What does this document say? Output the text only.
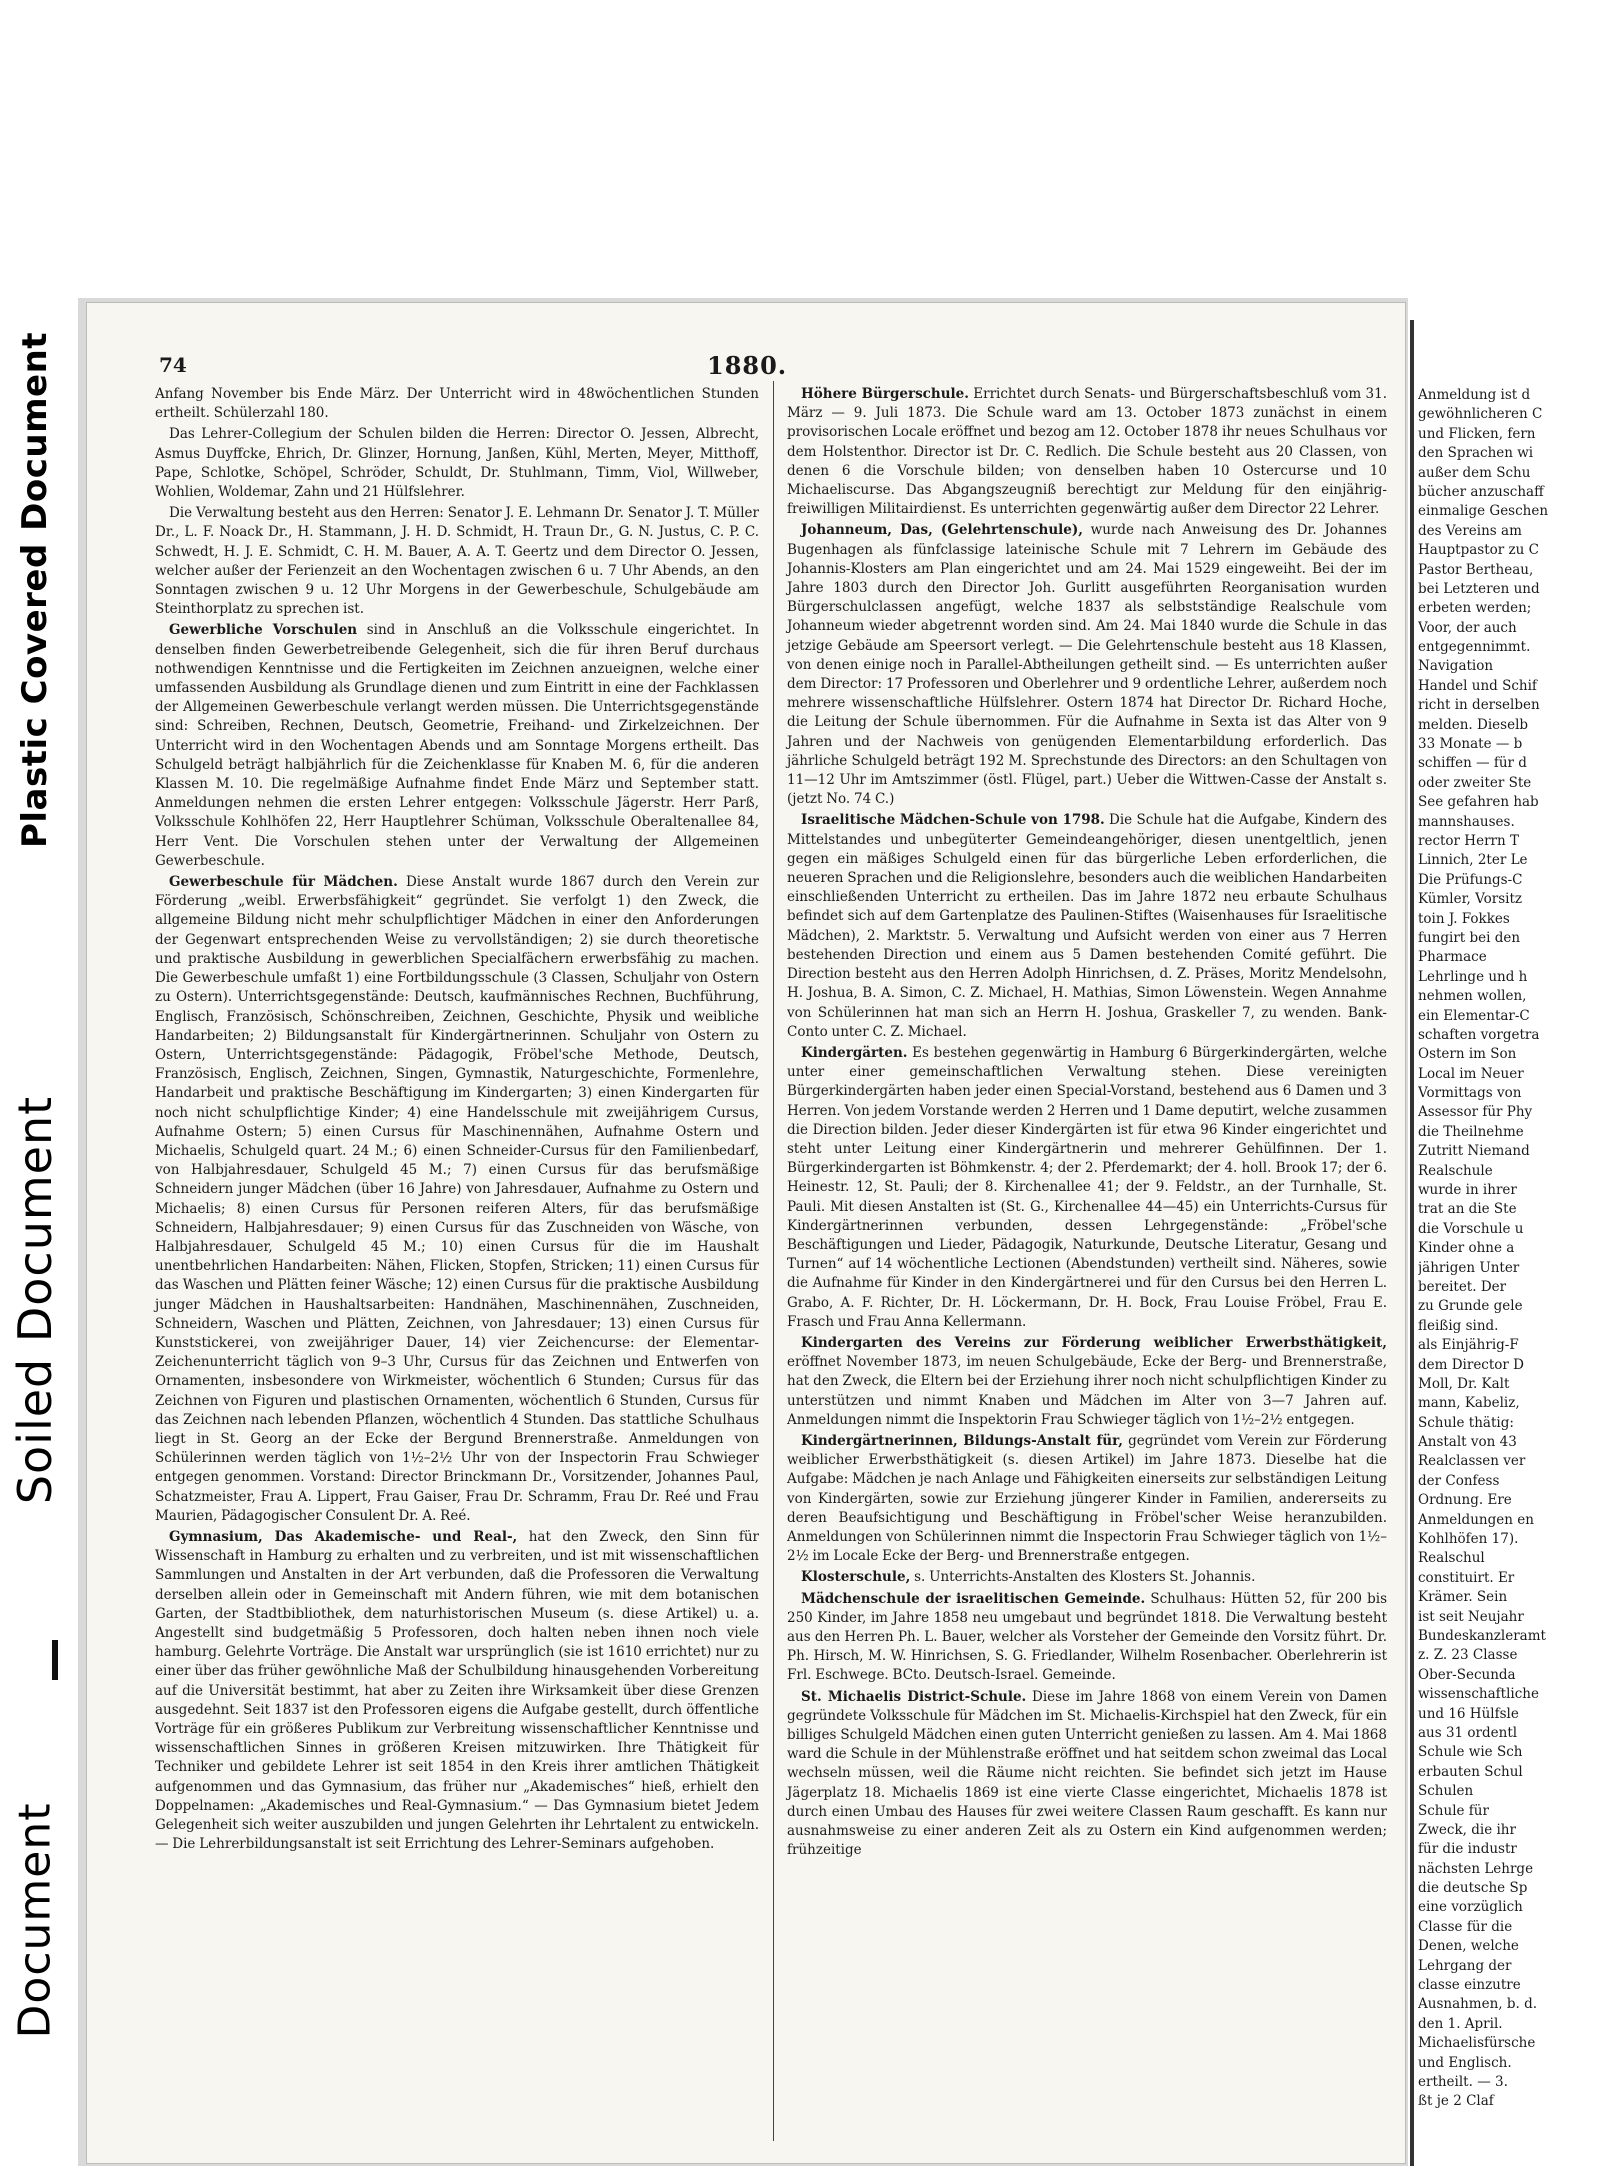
Plastic Covered Document
Soiled Document
Document
74	1880.

Anfang November bis Ende März. Der Unterricht wird in 48wöchentlichen Stunden ertheilt. Schülerzahl 180.

Das Lehrer-Collegium der Schulen bilden die Herren: Director O. Jessen, Albrecht, Asmus Duyffcke, Ehrich, Dr. Glinzer, Hornung, Janßen, Kühl, Merten, Meyer, Mitthoff, Pape, Schlotke, Schöpel, Schröder, Schuldt, Dr. Stuhlmann, Timm, Viol, Willweber, Wohlien, Woldemar, Zahn und 21 Hülfslehrer.

Die Verwaltung besteht aus den Herren: Senator J. E. Lehmann Dr. Senator J. T. Müller Dr., L. F. Noack Dr., H. Stammann, J. H. D. Schmidt, H. Traun Dr., G. N. Justus, C. P. C. Schwedt, H. J. E. Schmidt, C. H. M. Bauer, A. A. T. Geertz und dem Director O. Jessen, welcher außer der Ferienzeit an den Wochentagen zwischen 6 u. 7 Uhr Abends, an den Sonntagen zwischen 9 u. 12 Uhr Morgens in der Gewerbeschule, Schulgebäude am Steinthorplatz zu sprechen ist.

Gewerbliche Vorschulen sind in Anschluß an die Volksschule eingerichtet. In denselben finden Gewerbetreibende Gelegenheit, sich die für ihren Beruf durchaus nothwendigen Kenntnisse und die Fertigkeiten im Zeichnen anzueignen, welche einer umfassenden Ausbildung als Grundlage dienen und zum Eintritt in eine der Fachklassen der Allgemeinen Gewerbeschule verlangt werden müssen. Die Unterrichtsgegenstände sind: Schreiben, Rechnen, Deutsch, Geometrie, Freihand- und Zirkelzeichnen. Der Unterricht wird in den Wochentagen Abends und am Sonntage Morgens ertheilt. Das Schulgeld beträgt halbjährlich für die Zeichenklasse für Knaben M. 6, für die anderen Klassen M. 10. Die regelmäßige Aufnahme findet Ende März und September statt. Anmeldungen nehmen die ersten Lehrer entgegen: Volksschule Jägerstr. Herr Parß, Volksschule Kohlhöfen 22, Herr Hauptlehrer Schüman, Volksschule Oberaltenallee 84, Herr Vent. Die Vorschulen stehen unter der Verwaltung der Allgemeinen Gewerbeschule.

Gewerbeschule für Mädchen. Diese Anstalt wurde 1867 durch den Verein zur Förderung „weibl. Erwerbsfähigkeit“ gegründet. Sie verfolgt 1) den Zweck, die allgemeine Bildung nicht mehr schulpflichtiger Mädchen in einer den Anforderungen der Gegenwart entsprechenden Weise zu vervollständigen; 2) sie durch theoretische und praktische Ausbildung in gewerblichen Specialfächern erwerbsfähig zu machen. Die Gewerbeschule umfaßt 1) eine Fortbildungsschule (3 Classen, Schuljahr von Ostern zu Ostern). Unterrichtsgegenstände: Deutsch, kaufmännisches Rechnen, Buchführung, Englisch, Französisch, Schönschreiben, Zeichnen, Geschichte, Physik und weibliche Handarbeiten; 2) Bildungsanstalt für Kindergärtnerinnen. Schuljahr von Ostern zu Ostern, Unterrichtsgegenstände: Pädagogik, Fröbel'sche Methode, Deutsch, Französisch, Englisch, Zeichnen, Singen, Gymnastik, Naturgeschichte, Formenlehre, Handarbeit und praktische Beschäftigung im Kindergarten; 3) einen Kindergarten für noch nicht schulpflichtige Kinder; 4) eine Handelsschule mit zweijährigem Cursus, Aufnahme Ostern; 5) einen Cursus für Maschinennähen, Aufnahme Ostern und Michaelis, Schulgeld quart. 24 M.; 6) einen Schneider-Cursus für den Familienbedarf, von Halbjahresdauer, Schulgeld 45 M.; 7) einen Cursus für das berufsmäßige Schneidern junger Mädchen (über 16 Jahre) von Jahresdauer, Aufnahme zu Ostern und Michaelis; 8) einen Cursus für Personen reiferen Alters, für das berufsmäßige Schneidern, Halbjahresdauer; 9) einen Cursus für das Zuschneiden von Wäsche, von Halbjahresdauer, Schulgeld 45 M.; 10) einen Cursus für die im Haushalt unentbehrlichen Handarbeiten: Nähen, Flicken, Stopfen, Stricken; 11) einen Cursus für das Waschen und Plätten feiner Wäsche; 12) einen Cursus für die praktische Ausbildung junger Mädchen in Haushaltsarbeiten: Handnähen, Maschinennähen, Zuschneiden, Schneidern, Waschen und Plätten, Zeichnen, von Jahresdauer; 13) einen Cursus für Kunststickerei, von zweijähriger Dauer, 14) vier Zeichencurse: der Elementar-Zeichenunterricht täglich von 9–3 Uhr, Cursus für das Zeichnen und Entwerfen von Ornamenten, insbesondere von Wirkmeister, wöchentlich 6 Stunden; Cursus für das Zeichnen von Figuren und plastischen Ornamenten, wöchentlich 6 Stunden, Cursus für das Zeichnen nach lebenden Pflanzen, wöchentlich 4 Stunden. Das stattliche Schulhaus liegt in St. Georg an der Ecke der Bergund Brennerstraße. Anmeldungen von Schülerinnen werden täglich von 1½–2½ Uhr von der Inspectorin Frau Schwieger entgegen genommen. Vorstand: Director Brinckmann Dr., Vorsitzender, Johannes Paul, Schatzmeister, Frau A. Lippert, Frau Gaiser, Frau Dr. Schramm, Frau Dr. Reé und Frau Maurien, Pädagogischer Consulent Dr. A. Reé.

Gymnasium, Das Akademische- und Real-, hat den Zweck, den Sinn für Wissenschaft in Hamburg zu erhalten und zu verbreiten, und ist mit wissenschaftlichen Sammlungen und Anstalten in der Art verbunden, daß die Professoren die Verwaltung derselben allein oder in Gemeinschaft mit Andern führen, wie mit dem botanischen Garten, der Stadtbibliothek, dem naturhistorischen Museum (s. diese Artikel) u. a. Angestellt sind budgetmäßig 5 Professoren, doch halten neben ihnen noch viele hamburg. Gelehrte Vorträge. Die Anstalt war ursprünglich (sie ist 1610 errichtet) nur zu einer über das früher gewöhnliche Maß der Schulbildung hinausgehenden Vorbereitung auf die Universität bestimmt, hat aber zu Zeiten ihre Wirksamkeit über diese Grenzen ausgedehnt. Seit 1837 ist den Professoren eigens die Aufgabe gestellt, durch öffentliche Vorträge für ein größeres Publikum zur Verbreitung wissenschaftlicher Kenntnisse und wissenschaftlichen Sinnes in größeren Kreisen mitzuwirken. Ihre Thätigkeit für Techniker und gebildete Lehrer ist seit 1854 in den Kreis ihrer amtlichen Thätigkeit aufgenommen und das Gymnasium, das früher nur „Akademisches“ hieß, erhielt den Doppelnamen: „Akademisches und Real-Gymnasium.“ — Das Gymnasium bietet Jedem Gelegenheit sich weiter auszubilden und jungen Gelehrten ihr Lehrtalent zu entwickeln. — Die Lehrerbildungsanstalt ist seit Errichtung des Lehrer-Seminars aufgehoben.

Höhere Bürgerschule. Errichtet durch Senats- und Bürgerschaftsbeschluß vom 31. März — 9. Juli 1873. Die Schule ward am 13. October 1873 zunächst in einem provisorischen Locale eröffnet und bezog am 12. October 1878 ihr neues Schulhaus vor dem Holstenthor. Director ist Dr. C. Redlich. Die Schule besteht aus 20 Classen, von denen 6 die Vorschule bilden; von denselben haben 10 Ostercurse und 10 Michaeliscurse. Das Abgangszeugniß berechtigt zur Meldung für den einjährig-freiwilligen Militairdienst. Es unterrichten gegenwärtig außer dem Director 22 Lehrer.

Johanneum, Das, (Gelehrtenschule), wurde nach Anweisung des Dr. Johannes Bugenhagen als fünfclassige lateinische Schule mit 7 Lehrern im Gebäude des Johannis-Klosters am Plan eingerichtet und am 24. Mai 1529 eingeweiht. Bei der im Jahre 1803 durch den Director Joh. Gurlitt ausgeführten Reorganisation wurden Bürgerschulclassen angefügt, welche 1837 als selbstständige Realschule vom Johanneum wieder abgetrennt worden sind. Am 24. Mai 1840 wurde die Schule in das jetzige Gebäude am Speersort verlegt. — Die Gelehrtenschule besteht aus 18 Klassen, von denen einige noch in Parallel-Abtheilungen getheilt sind. — Es unterrichten außer dem Director: 17 Professoren und Oberlehrer und 9 ordentliche Lehrer, außerdem noch mehrere wissenschaftliche Hülfslehrer. Ostern 1874 hat Director Dr. Richard Hoche, die Leitung der Schule übernommen. Für die Aufnahme in Sexta ist das Alter von 9 Jahren und der Nachweis von genügenden Elementarbildung erforderlich. Das jährliche Schulgeld beträgt 192 M. Sprechstunde des Directors: an den Schultagen von 11—12 Uhr im Amtszimmer (östl. Flügel, part.) Ueber die Wittwen-Casse der Anstalt s. (jetzt No. 74 C.)

Israelitische Mädchen-Schule von 1798. Die Schule hat die Aufgabe, Kindern des Mittelstandes und unbegüterter Gemeindeangehöriger, diesen unentgeltlich, jenen gegen ein mäßiges Schulgeld einen für das bürgerliche Leben erforderlichen, die neueren Sprachen und die Religionslehre, besonders auch die weiblichen Handarbeiten einschließenden Unterricht zu ertheilen. Das im Jahre 1872 neu erbaute Schulhaus befindet sich auf dem Gartenplatze des Paulinen-Stiftes (Waisenhauses für Israelitische Mädchen), 2. Marktstr. 5. Verwaltung und Aufsicht werden von einer aus 7 Herren bestehenden Direction und einem aus 5 Damen bestehenden Comité geführt. Die Direction besteht aus den Herren Adolph Hinrichsen, d. Z. Präses, Moritz Mendelsohn, H. Joshua, B. A. Simon, C. Z. Michael, H. Mathias, Simon Löwenstein. Wegen Annahme von Schülerinnen hat man sich an Herrn H. Joshua, Graskeller 7, zu wenden. Bank-Conto unter C. Z. Michael.

Kindergärten. Es bestehen gegenwärtig in Hamburg 6 Bürgerkindergärten, welche unter einer gemeinschaftlichen Verwaltung stehen. Diese vereinigten Bürgerkindergärten haben jeder einen Special-Vorstand, bestehend aus 6 Damen und 3 Herren. Von jedem Vorstande werden 2 Herren und 1 Dame deputirt, welche zusammen die Direction bilden. Jeder dieser Kindergärten ist für etwa 96 Kinder eingerichtet und steht unter Leitung einer Kindergärtnerin und mehrerer Gehülfinnen. Der 1. Bürgerkindergarten ist Böhmkenstr. 4; der 2. Pferdemarkt; der 4. holl. Brook 17; der 6. Heinestr. 12, St. Pauli; der 8. Kirchenallee 41; der 9. Feldstr., an der Turnhalle, St. Pauli. Mit diesen Anstalten ist (St. G., Kirchenallee 44—45) ein Unterrichts-Cursus für Kindergärtnerinnen verbunden, dessen Lehrgegenstände: „Fröbel'sche Beschäftigungen und Lieder, Pädagogik, Naturkunde, Deutsche Literatur, Gesang und Turnen“ auf 14 wöchentliche Lectionen (Abendstunden) vertheilt sind. Näheres, sowie die Aufnahme für Kinder in den Kindergärtnerei und für den Cursus bei den Herren L. Grabo, A. F. Richter, Dr. H. Löckermann, Dr. H. Bock, Frau Louise Fröbel, Frau E. Frasch und Frau Anna Kellermann.

Kindergarten des Vereins zur Förderung weiblicher Erwerbsthätigkeit, eröffnet November 1873, im neuen Schulgebäude, Ecke der Berg- und Brennerstraße, hat den Zweck, die Eltern bei der Erziehung ihrer noch nicht schulpflichtigen Kinder zu unterstützen und nimmt Knaben und Mädchen im Alter von 3—7 Jahren auf. Anmeldungen nimmt die Inspektorin Frau Schwieger täglich von 1½–2½ entgegen.

Kindergärtnerinnen, Bildungs-Anstalt für, gegründet vom Verein zur Förderung weiblicher Erwerbsthätigkeit (s. diesen Artikel) im Jahre 1873. Dieselbe hat die Aufgabe: Mädchen je nach Anlage und Fähigkeiten einerseits zur selbständigen Leitung von Kindergärten, sowie zur Erziehung jüngerer Kinder in Familien, andererseits zu deren Beaufsichtigung und Beschäftigung in Fröbel'scher Weise heranzubilden. Anmeldungen von Schülerinnen nimmt die Inspectorin Frau Schwieger täglich von 1½–2½ im Locale Ecke der Berg- und Brennerstraße entgegen.

Klosterschule, s. Unterrichts-Anstalten des Klosters St. Johannis.

Mädchenschule der israelitischen Gemeinde. Schulhaus: Hütten 52, für 200 bis 250 Kinder, im Jahre 1858 neu umgebaut und begründet 1818. Die Verwaltung besteht aus den Herren Ph. L. Bauer, welcher als Vorsteher der Gemeinde den Vorsitz führt. Dr. Ph. Hirsch, M. W. Hinrichsen, S. G. Friedlander, Wilhelm Rosenbacher. Oberlehrerin ist Frl. Eschwege. BCto. Deutsch-Israel. Gemeinde.

St. Michaelis District-Schule. Diese im Jahre 1868 von einem Verein von Damen gegründete Volksschule für Mädchen im St. Michaelis-Kirchspiel hat den Zweck, für ein billiges Schulgeld Mädchen einen guten Unterricht genießen zu lassen. Am 4. Mai 1868 ward die Schule in der Mühlenstraße eröffnet und hat seitdem schon zweimal das Local wechseln müssen, weil die Räume nicht reichten. Sie befindet sich jetzt im Hause Jägerplatz 18. Michaelis 1869 ist eine vierte Classe eingerichtet, Michaelis 1878 ist durch einen Umbau des Hauses für zwei weitere Classen Raum geschafft. Es kann nur ausnahmsweise zu einer anderen Zeit als zu Ostern ein Kind aufgenommen werden; frühzeitige

Anmeldung ist d
gewöhnlicheren C
und Flicken, fern
den Sprachen wi
außer dem Schu
bücher anzuschaff
einmalige Geschen
des Vereins am
Hauptpastor zu C
Pastor Bertheau,
bei Letzteren und
erbeten werden;
Voor, der auch
entgegennimmt.
Navigation
Handel und Schif
richt in derselben
melden. Dieselb
33 Monate — b
schiffen — für d
oder zweiter Ste
See gefahren hab
mannshauses.
rector Herrn T
Linnich, 2ter Le
Die Prüfungs-C
Kümler, Vorsitz
toin J. Fokkes
fungirt bei den
Pharmace
Lehrlinge und h
nehmen wollen,
ein Elementar-C
schaften vorgetra
Ostern im Son
Local im Neuer
Vormittags von
Assessor für Phy
die Theilnehme
Zutritt Niemand
Realschule
wurde in ihrer
trat an die Ste
die Vorschule u
Kinder ohne a
jährigen Unter
bereitet. Der
zu Grunde gele
fleißig sind.
als Einjährig-F
dem Director D
Moll, Dr. Kalt
mann, Kabeliz,
Schule thätig:
Anstalt von 43
Realclassen ver
der Confess
Ordnung. Ere
Anmeldungen en
Kohlhöfen 17).
Realschul
constituirt. Er
Krämer. Sein
ist seit Neujahr
Bundeskanzleramt
z. Z. 23 Classe
Ober-Secunda
wissenschaftliche
und 16 Hülfsle
aus 31 ordentl
Schule wie Sch
erbauten Schul
Schulen
Schule für
Zweck, die ihr
für die industr
nächsten Lehrge
die deutsche Sp
eine vorzüglich
Classe für die
Denen, welche
Lehrgang der
classe einzutre
Ausnahmen, b. d.
den 1. April.
Michaelisfürsche
und Englisch.
ertheilt. — 3.
ßt je 2 Claf
